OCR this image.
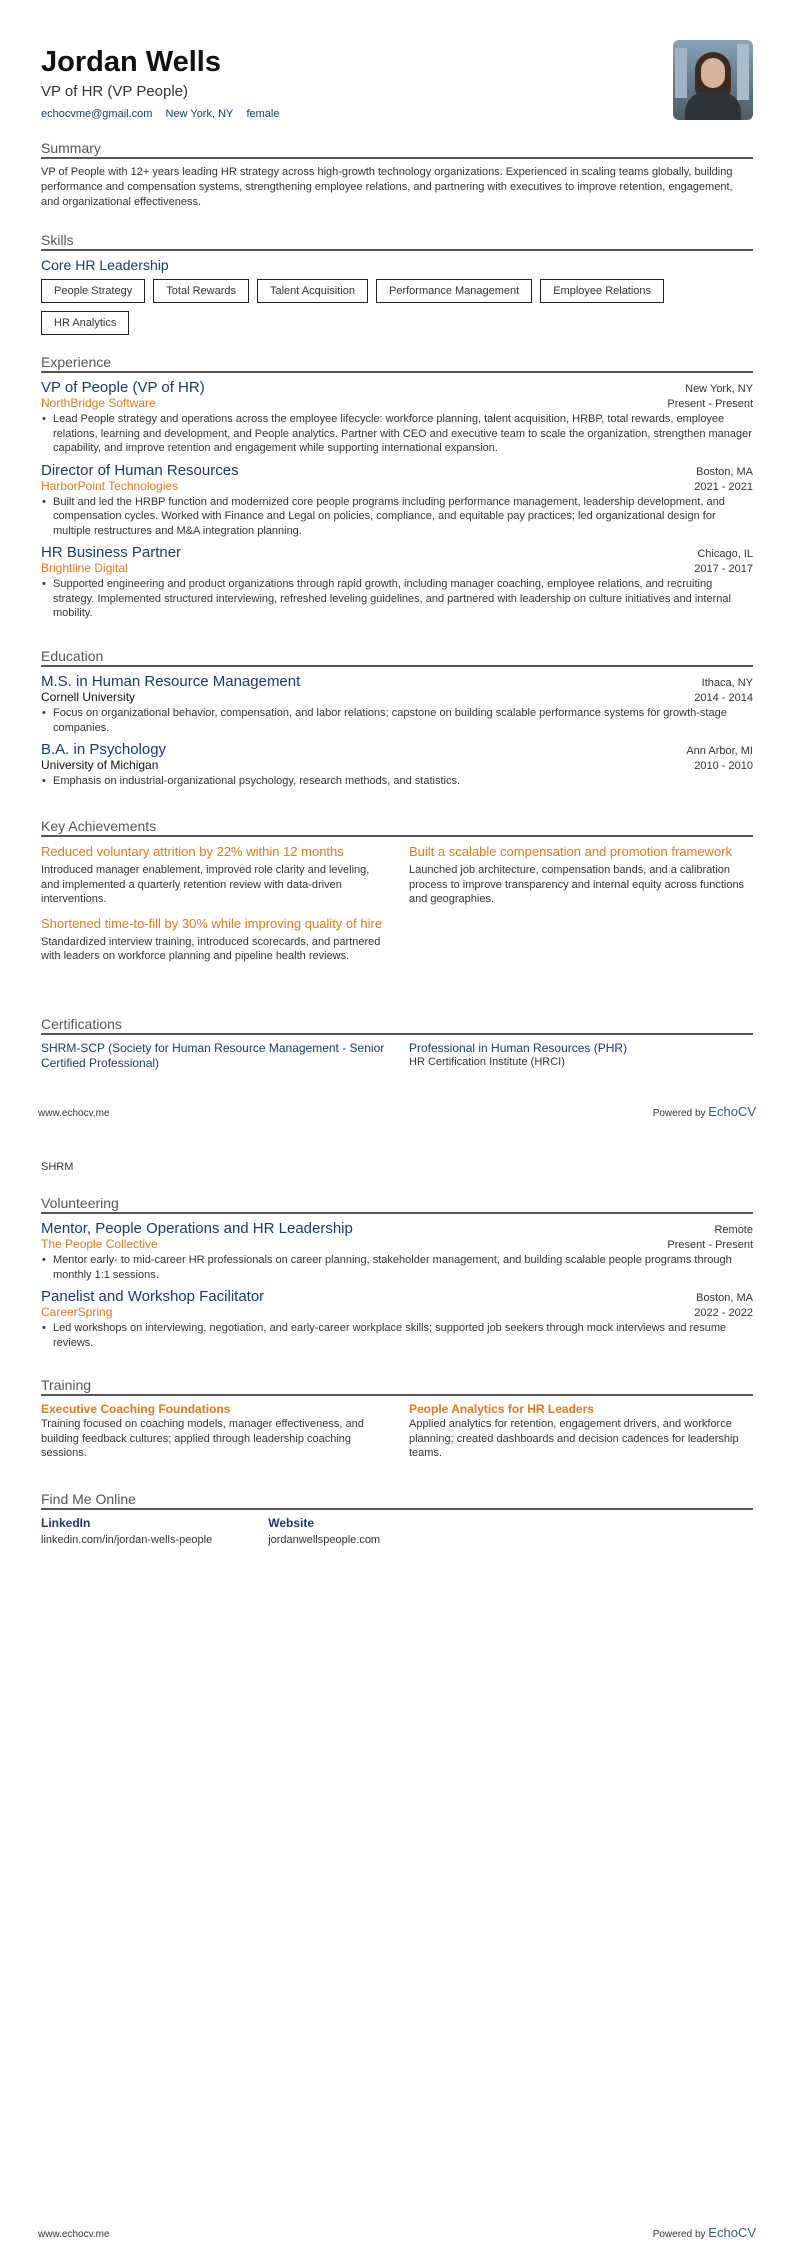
Jordan Wells
VP of HR (VP People)
echocvme@gmail.com New York, NY female
Summary
VP of People with 12+ years leading HR strategy across high-growth technology organizations. Experienced in scaling teams globally, building performance and compensation systems, strengthening employee relations, and partnering with executives to improve retention, engagement, and organizational effectiveness.
Skills
Core HR Leadership
People Strategy	Total Rewards	Talent Acquisition	Performance Management	Employee Relations
HR Analytics
Experience
VP of People (VP of HR)	New York, NY
NorthBridge Software	Present - Present
• Lead People strategy and operations across the employee lifecycle: workforce planning, talent acquisition, HRBP, total rewards, employee relations, learning and development, and People analytics. Partner with CEO and executive team to scale the organization, strengthen manager capability, and improve retention and engagement while supporting international expansion.
Director of Human Resources	Boston, MA
HarborPoint Technologies	2021 - 2021
• Built and led the HRBP function and modernized core people programs including performance management, leadership development, and compensation cycles. Worked with Finance and Legal on policies, compliance, and equitable pay practices; led organizational design for multiple restructures and M&A integration planning.
HR Business Partner	Chicago, IL
Brightline Digital	2017 - 2017
• Supported engineering and product organizations through rapid growth, including manager coaching, employee relations, and recruiting strategy. Implemented structured interviewing, refreshed leveling guidelines, and partnered with leadership on culture initiatives and internal mobility.
Education
M.S. in Human Resource Management	Ithaca, NY
Cornell University	2014 - 2014
• Focus on organizational behavior, compensation, and labor relations; capstone on building scalable performance systems for growth-stage companies.
B.A. in Psychology	Ann Arbor, MI
University of Michigan	2010 - 2010
• Emphasis on industrial-organizational psychology, research methods, and statistics.
Key Achievements
Reduced voluntary attrition by 22% within 12 months
Introduced manager enablement, improved role clarity and leveling, and implemented a quarterly retention review with data-driven interventions.
Built a scalable compensation and promotion framework
Launched job architecture, compensation bands, and a calibration process to improve transparency and internal equity across functions and geographies.
Shortened time-to-fill by 30% while improving quality of hire
Standardized interview training, introduced scorecards, and partnered with leaders on workforce planning and pipeline health reviews.
Certifications
SHRM-SCP (Society for Human Resource Management - Senior Certified Professional)
Professional in Human Resources (PHR)
HR Certification Institute (HRCI)
www.echocv.me	Powered by EchoCV
SHRM
Volunteering
Mentor, People Operations and HR Leadership	Remote
The People Collective	Present - Present
• Mentor early- to mid-career HR professionals on career planning, stakeholder management, and building scalable people programs through monthly 1:1 sessions.
Panelist and Workshop Facilitator	Boston, MA
CareerSpring	2022 - 2022
• Led workshops on interviewing, negotiation, and early-career workplace skills; supported job seekers through mock interviews and resume reviews.
Training
Executive Coaching Foundations
Training focused on coaching models, manager effectiveness, and building feedback cultures; applied through leadership coaching sessions.
People Analytics for HR Leaders
Applied analytics for retention, engagement drivers, and workforce planning; created dashboards and decision cadences for leadership teams.
Find Me Online
LinkedIn
linkedin.com/in/jordan-wells-people
Website
jordanwellspeople.com
www.echocv.me	Powered by EchoCV
